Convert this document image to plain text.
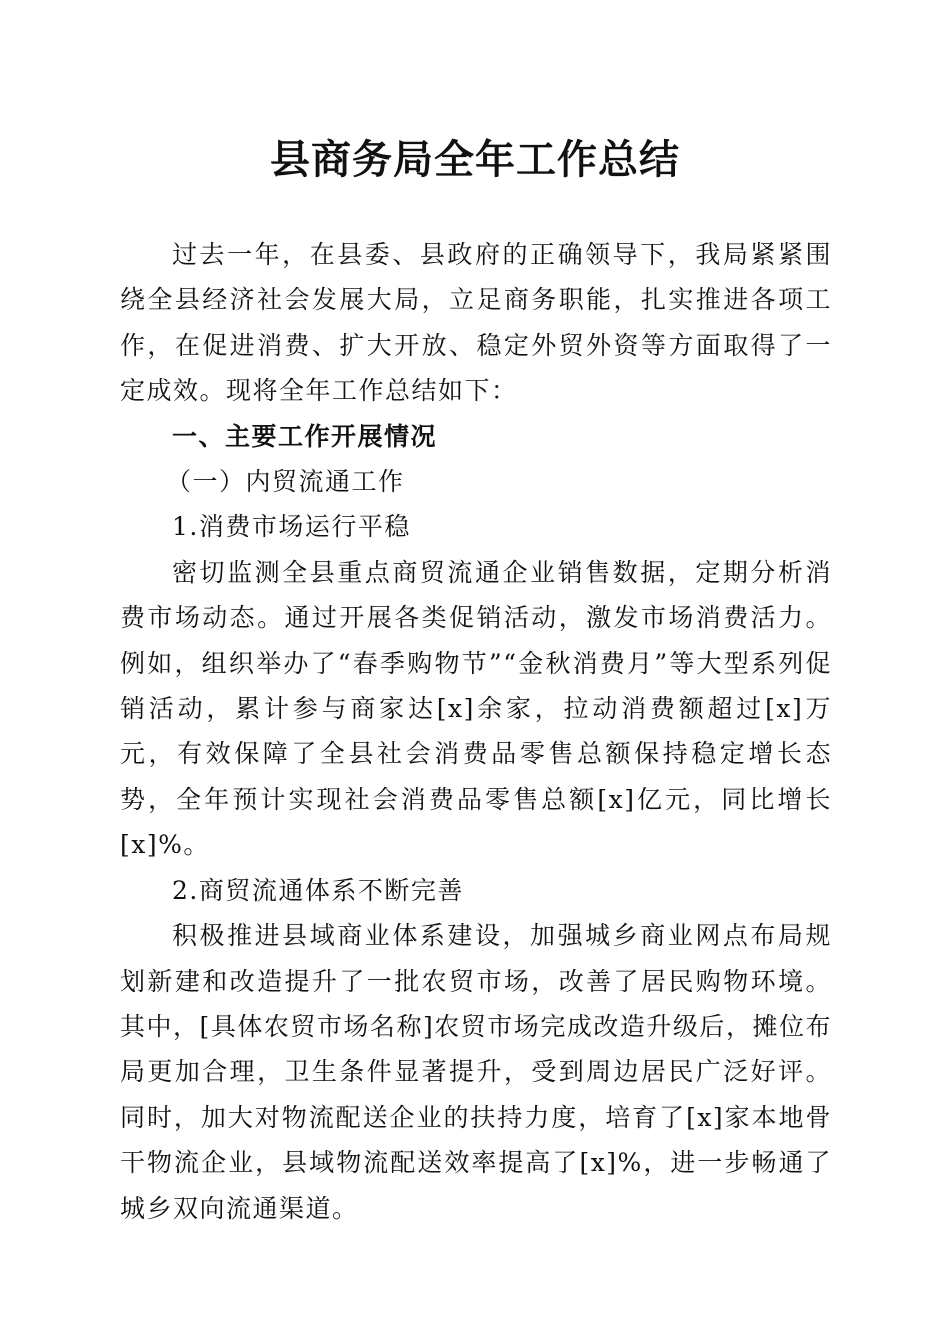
县商务局全年工作总结

过去一年，在县委、县政府的正确领导下，我局紧紧围绕全县经济社会发展大局，立足商务职能，扎实推进各项工作，在促进消费、扩大开放、稳定外贸外资等方面取得了一定成效。现将全年工作总结如下：

一、主要工作开展情况

（一）内贸流通工作

1.消费市场运行平稳

密切监测全县重点商贸流通企业销售数据，定期分析消费市场动态。通过开展各类促销活动，激发市场消费活力。例如，组织举办了“春季购物节”“金秋消费月”等大型系列促销活动，累计参与商家达[x]余家，拉动消费额超过[x]万元，有效保障了全县社会消费品零售总额保持稳定增长态势，全年预计实现社会消费品零售总额[x]亿元，同比增长[x]%。

2.商贸流通体系不断完善

积极推进县域商业体系建设，加强城乡商业网点布局规划新建和改造提升了一批农贸市场，改善了居民购物环境。其中，[具体农贸市场名称]农贸市场完成改造升级后，摊位布局更加合理，卫生条件显著提升，受到周边居民广泛好评。同时，加大对物流配送企业的扶持力度，培育了[x]家本地骨干物流企业，县域物流配送效率提高了[x]%，进一步畅通了城乡双向流通渠道。
